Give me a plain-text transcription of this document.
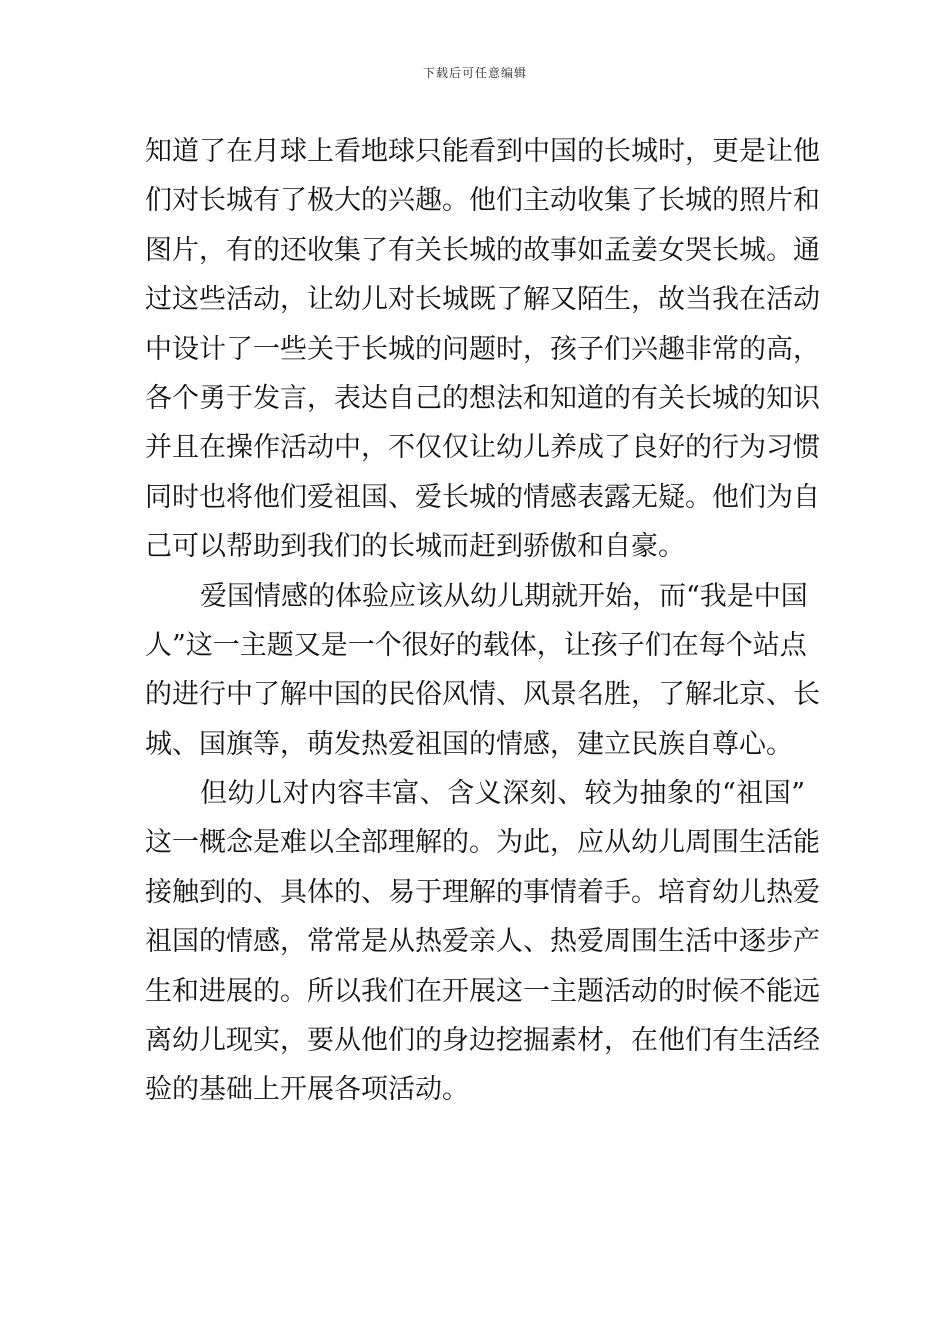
下载后可任意编辑
知道了在月球上看地球只能看到中国的长城时，更是让他
们对长城有了极大的兴趣。他们主动收集了长城的照片和
图片，有的还收集了有关长城的故事如孟姜女哭长城。通
过这些活动，让幼儿对长城既了解又陌生，故当我在活动
中设计了一些关于长城的问题时，孩子们兴趣非常的高，
各个勇于发言，表达自己的想法和知道的有关长城的知识
并且在操作活动中，不仅仅让幼儿养成了良好的行为习惯
同时也将他们爱祖国、爱长城的情感表露无疑。他们为自
己可以帮助到我们的长城而赶到骄傲和自豪。
爱国情感的体验应该从幼儿期就开始，而“我是中国
人”这一主题又是一个很好的载体，让孩子们在每个站点
的进行中了解中国的民俗风情、风景名胜，了解北京、长
城、国旗等，萌发热爱祖国的情感，建立民族自尊心。
但幼儿对内容丰富、含义深刻、较为抽象的“祖国”
这一概念是难以全部理解的。为此，应从幼儿周围生活能
接触到的、具体的、易于理解的事情着手。培育幼儿热爱
祖国的情感，常常是从热爱亲人、热爱周围生活中逐步产
生和进展的。所以我们在开展这一主题活动的时候不能远
离幼儿现实，要从他们的身边挖掘素材，在他们有生活经
验的基础上开展各项活动。
